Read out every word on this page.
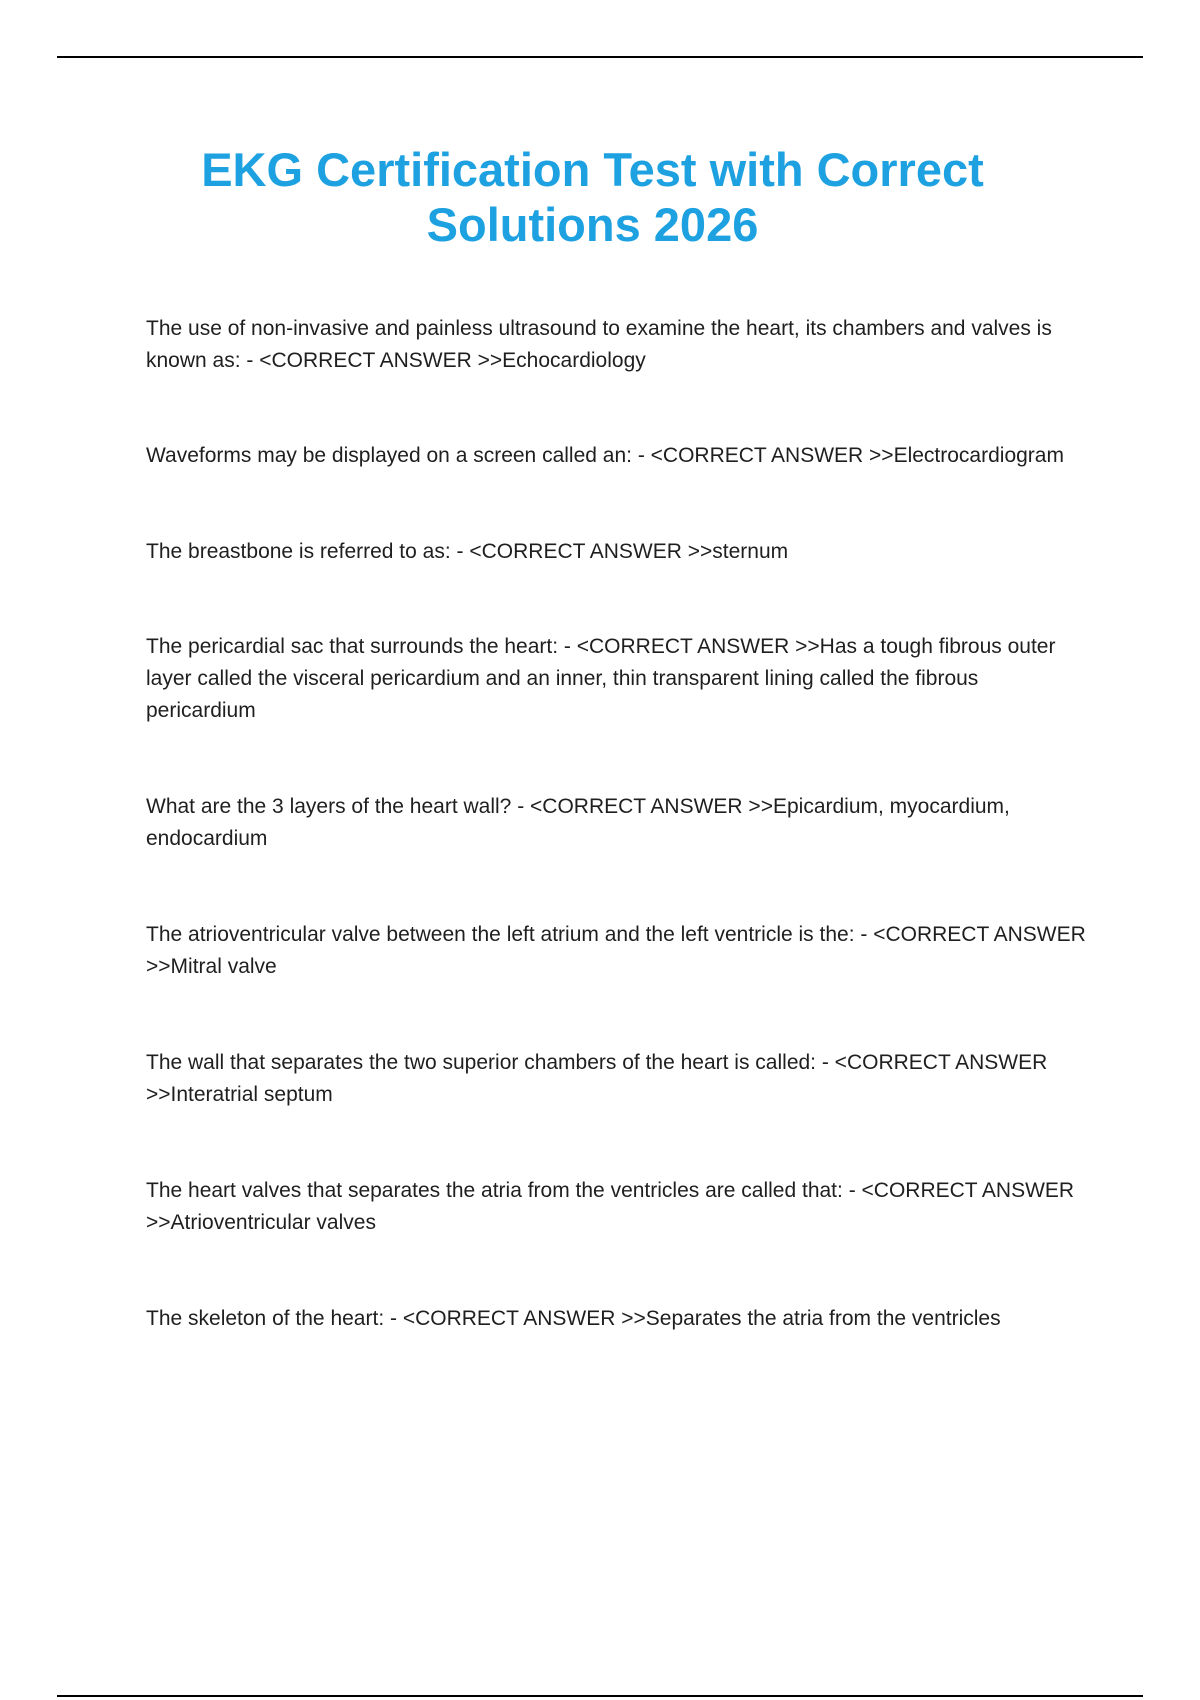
EKG Certification Test with Correct
Solutions 2026

The use of non-invasive and painless ultrasound to examine the heart, its chambers and valves is known as: - <CORRECT ANSWER >>Echocardiology

Waveforms may be displayed on a screen called an: - <CORRECT ANSWER >>Electrocardiogram

The breastbone is referred to as: - <CORRECT ANSWER >>sternum

The pericardial sac that surrounds the heart: - <CORRECT ANSWER >>Has a tough fibrous outer layer called the visceral pericardium and an inner, thin transparent lining called the fibrous pericardium

What are the 3 layers of the heart wall? - <CORRECT ANSWER >>Epicardium, myocardium, endocardium

The atrioventricular valve between the left atrium and the left ventricle is the: - <CORRECT ANSWER >>Mitral valve

The wall that separates the two superior chambers of the heart is called: - <CORRECT ANSWER >>Interatrial septum

The heart valves that separates the atria from the ventricles are called that: - <CORRECT ANSWER >>Atrioventricular valves

The skeleton of the heart: - <CORRECT ANSWER >>Separates the atria from the ventricles
